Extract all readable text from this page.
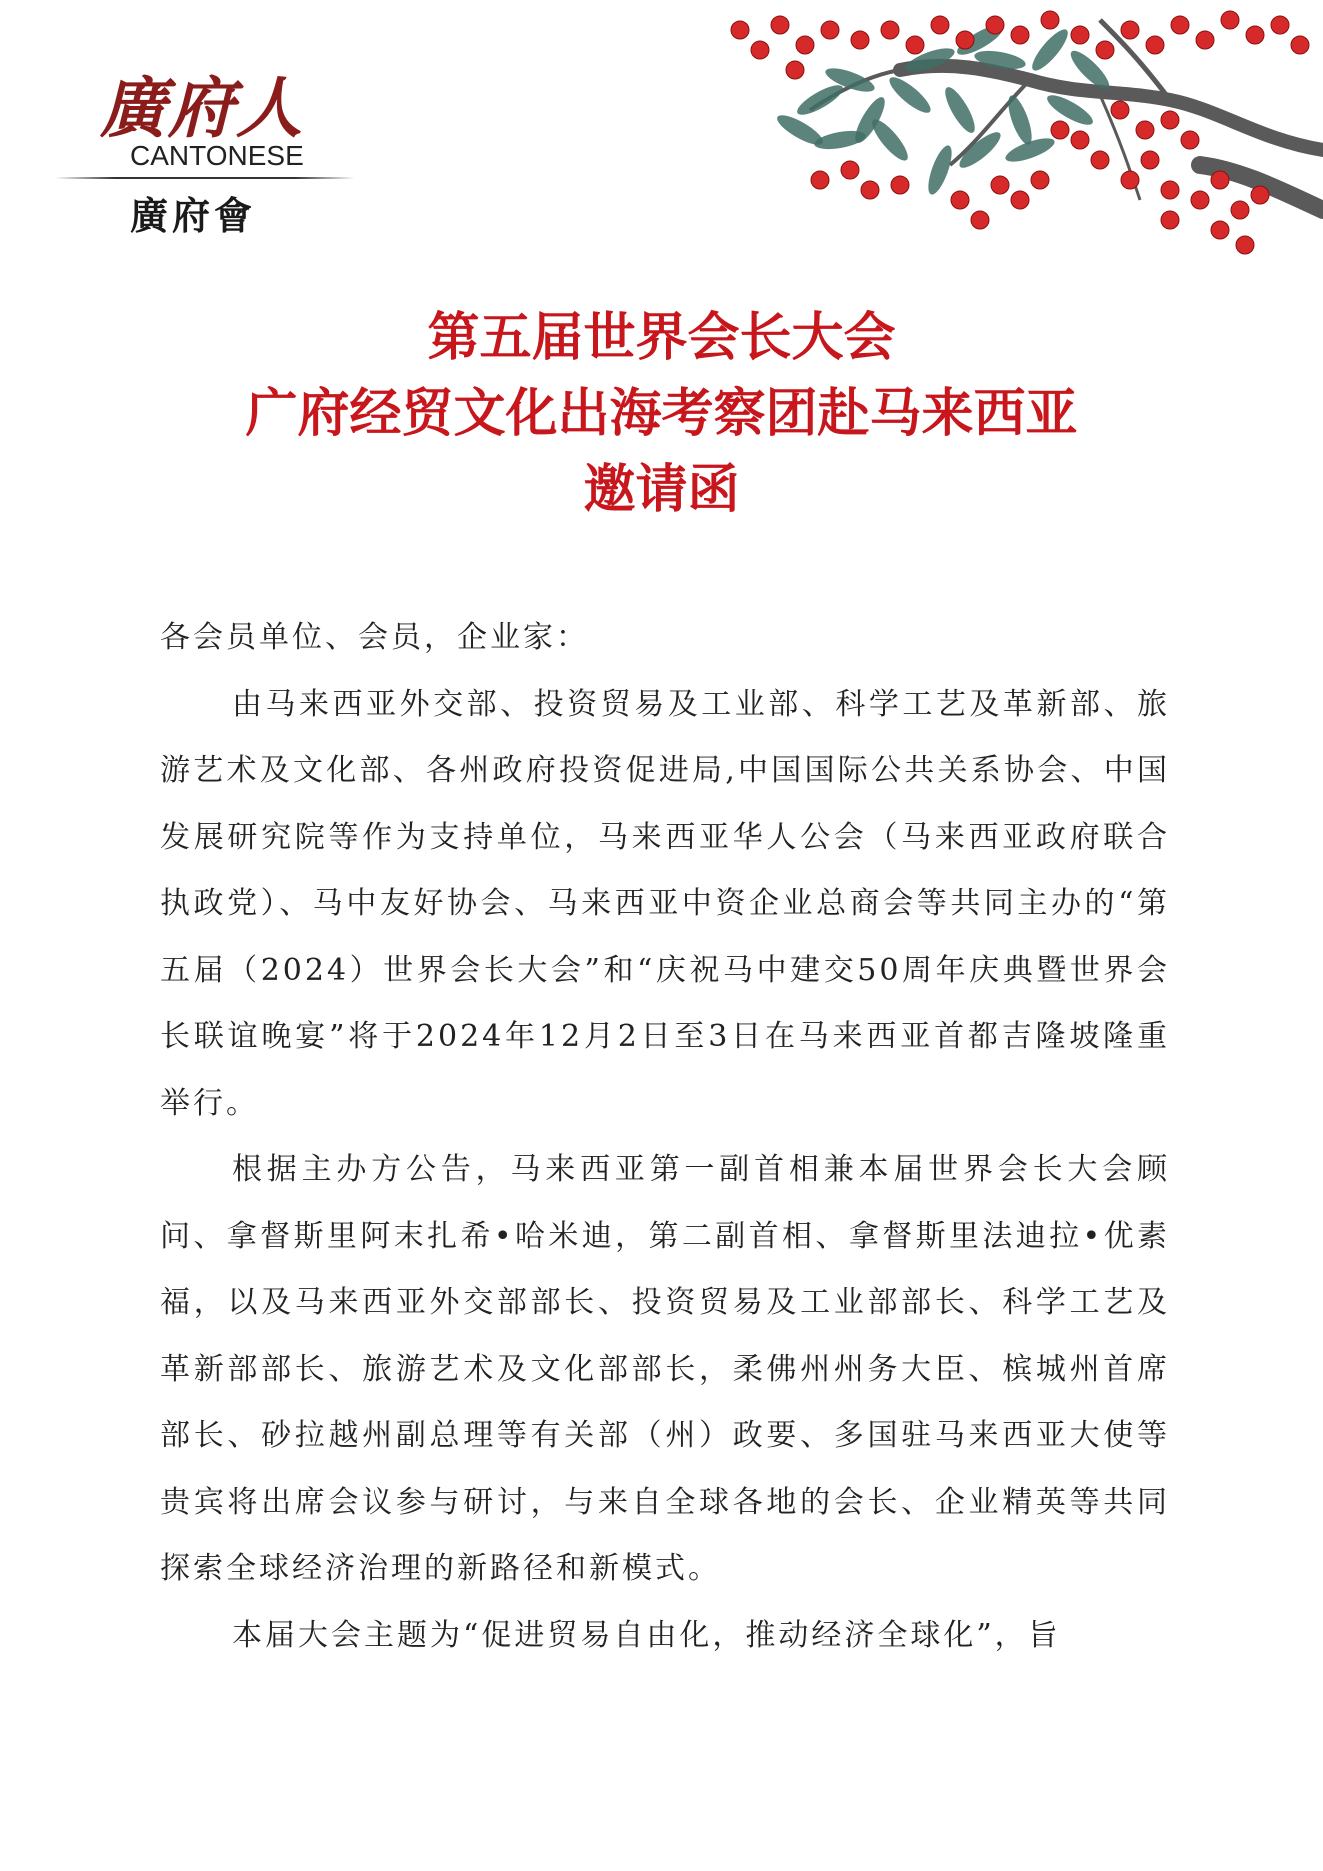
廣府人
CANTONESE
廣府會
第五届世界会长大会
广府经贸文化出海考察团赴马来西亚
邀请函

各会员单位、会员，企业家：

由马来西亚外交部、投资贸易及工业部、科学工艺及革新部、旅游艺术及文化部、各州政府投资促进局,中国国际公共关系协会、中国发展研究院等作为支持单位，马来西亚华人公会（马来西亚政府联合执政党）、马中友好协会、马来西亚中资企业总商会等共同主办的“第五届（2024）世界会长大会”和“庆祝马中建交50周年庆典暨世界会长联谊晚宴”将于2024年12月2日至3日在马来西亚首都吉隆坡隆重举行。

根据主办方公告，马来西亚第一副首相兼本届世界会长大会顾问、拿督斯里阿末扎希•哈米迪，第二副首相、拿督斯里法迪拉•优素福，以及马来西亚外交部部长、投资贸易及工业部部长、科学工艺及革新部部长、旅游艺术及文化部部长，柔佛州州务大臣、槟城州首席部长、砂拉越州副总理等有关部（州）政要、多国驻马来西亚大使等贵宾将出席会议参与研讨，与来自全球各地的会长、企业精英等共同探索全球经济治理的新路径和新模式。

本届大会主题为“促进贸易自由化，推动经济全球化”，旨
